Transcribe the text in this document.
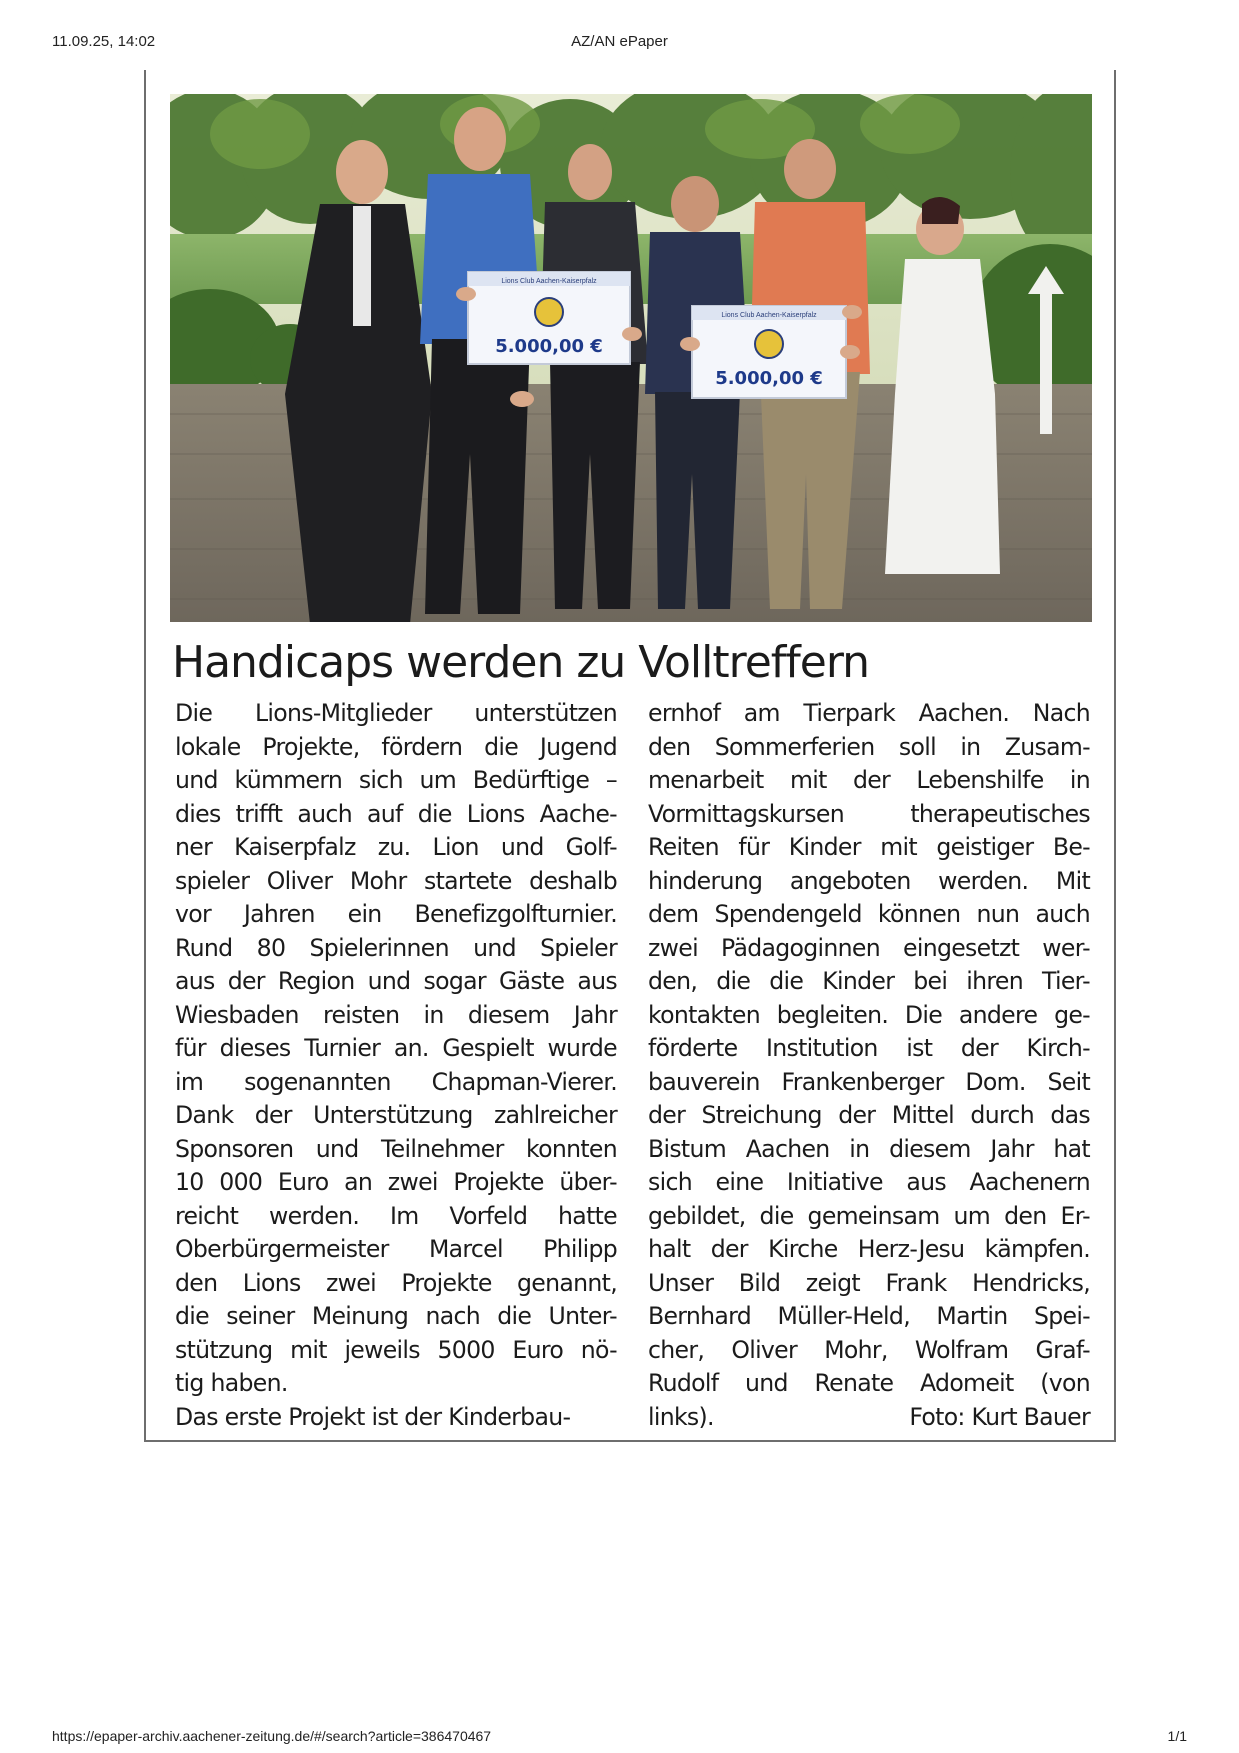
11.09.25, 14:02	AZ/AN ePaper
Lions Club Aachen-Kaiserpfalz
5.000,00 €
Lions Club Aachen-Kaiserpfalz
5.000,00 €
Handicaps werden zu Volltreffern
Die Lions-Mitglieder unterstützen
lokale Projekte, fördern die Jugend
und kümmern sich um Bedürftige –
dies trifft auch auf die Lions Aache-
ner Kaiserpfalz zu. Lion und Golf-
spieler Oliver Mohr startete deshalb
vor Jahren ein Benefizgolfturnier.
Rund 80 Spielerinnen und Spieler
aus der Region und sogar Gäste aus
Wiesbaden reisten in diesem Jahr
für dieses Turnier an. Gespielt wurde
im sogenannten Chapman-Vierer.
Dank der Unterstützung zahlreicher
Sponsoren und Teilnehmer konnten
10 000 Euro an zwei Projekte über-
reicht werden. Im Vorfeld hatte
Oberbürgermeister Marcel Philipp
den Lions zwei Projekte genannt,
die seiner Meinung nach die Unter-
stützung mit jeweils 5000 Euro nö-
tig haben.
Das erste Projekt ist der Kinderbau-
ernhof am Tierpark Aachen. Nach
den Sommerferien soll in Zusam-
menarbeit mit der Lebenshilfe in
Vormittagskursen therapeutisches
Reiten für Kinder mit geistiger Be-
hinderung angeboten werden. Mit
dem Spendengeld können nun auch
zwei Pädagoginnen eingesetzt wer-
den, die die Kinder bei ihren Tier-
kontakten begleiten. Die andere ge-
förderte Institution ist der Kirch-
bauverein Frankenberger Dom. Seit
der Streichung der Mittel durch das
Bistum Aachen in diesem Jahr hat
sich eine Initiative aus Aachenern
gebildet, die gemeinsam um den Er-
halt der Kirche Herz-Jesu kämpfen.
Unser Bild zeigt Frank Hendricks,
Bernhard Müller-Held, Martin Spei-
cher, Oliver Mohr, Wolfram Graf-
Rudolf und Renate Adomeit (von
links).	Foto: Kurt Bauer
https://epaper-archiv.aachener-zeitung.de/#/search?article=386470467	1/1
